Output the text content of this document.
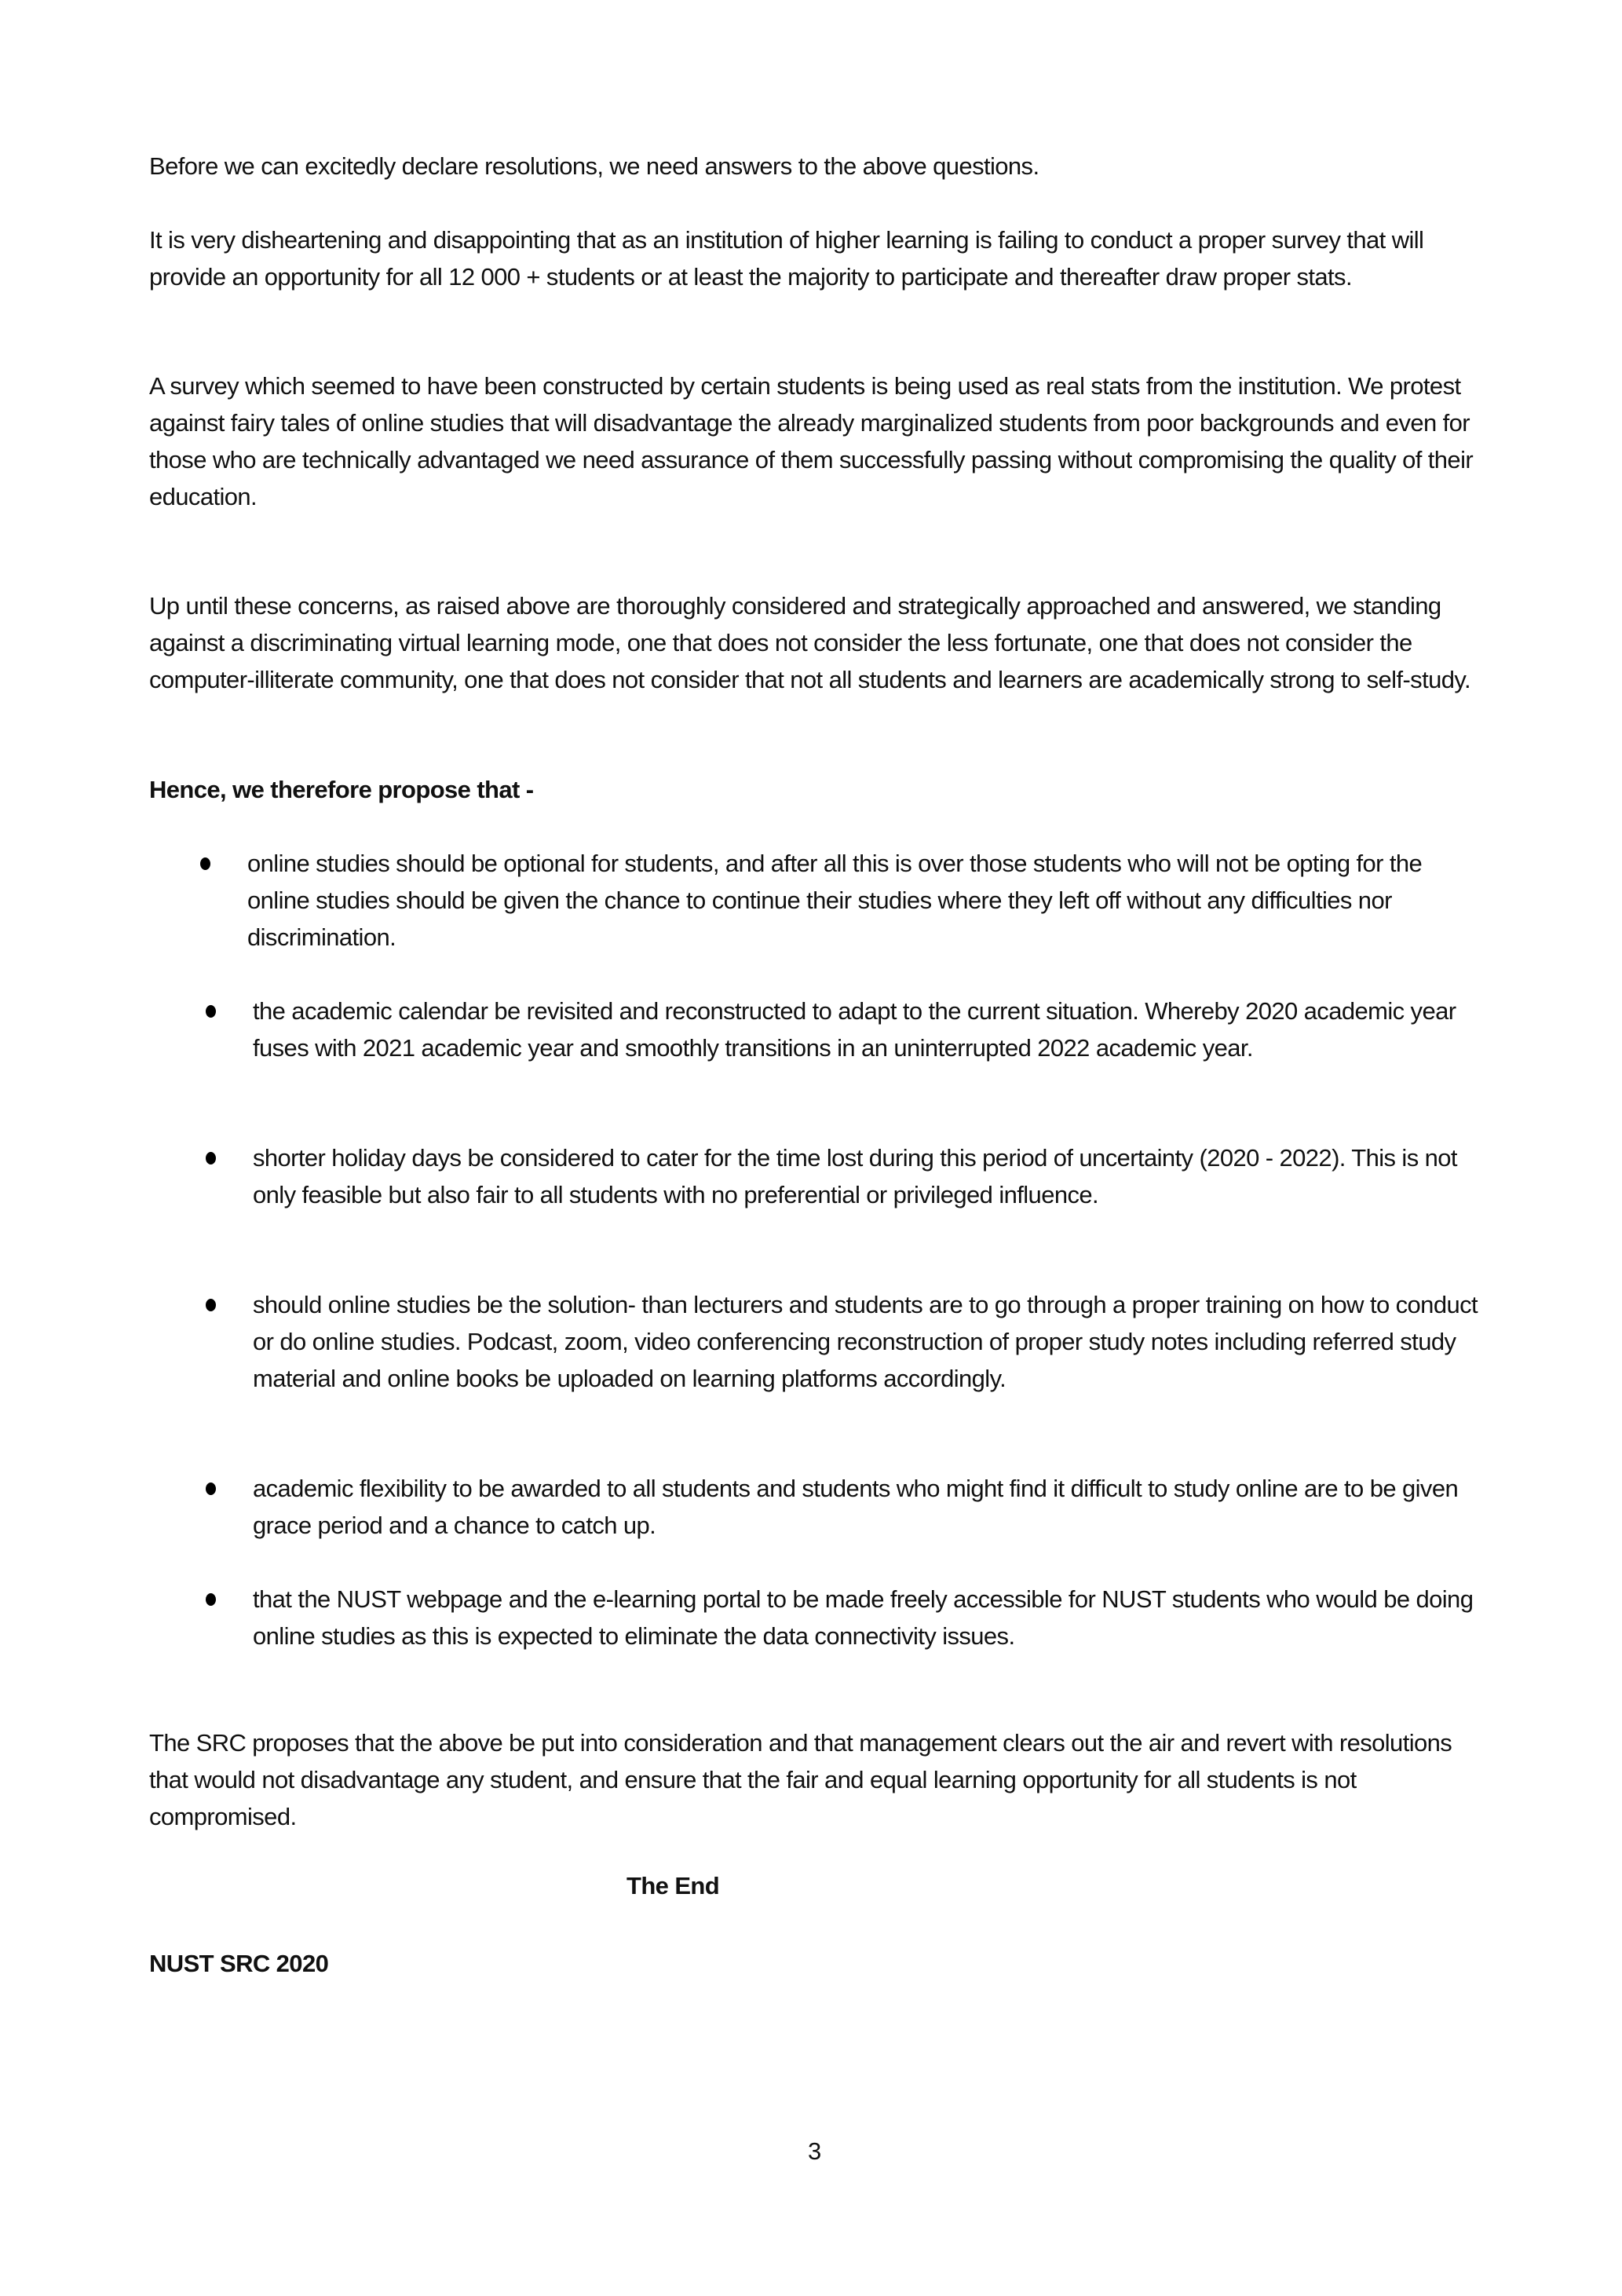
Before we can excitedly declare resolutions, we need answers to the above questions.
It is very disheartening and disappointing that as an institution of higher learning is failing to conduct a proper survey that will provide an opportunity for all 12 000 + students or at least the majority to participate and thereafter draw proper stats.
A survey which seemed to have been constructed by certain students is being used as real stats from the institution. We protest against fairy tales of online studies that will disadvantage the already marginalized students from poor backgrounds and even for those who are technically advantaged we need assurance of them successfully passing without compromising the quality of their education.
Up until these concerns, as raised above are thoroughly considered and strategically approached and answered, we standing against a discriminating virtual learning mode, one that does not consider the less fortunate, one that does not consider the computer-illiterate community, one that does not consider that not all students and learners are academically strong to self-study.
Hence, we therefore propose that -
online studies should be optional for students, and after all this is over those students who will not be opting for the online studies should be given the chance to continue their studies where they left off without any difficulties nor discrimination.
the academic calendar be revisited and reconstructed to adapt to the current situation. Whereby 2020 academic year fuses with 2021 academic year and smoothly transitions in an uninterrupted 2022 academic year.
shorter holiday days be considered to cater for the time lost during this period of uncertainty (2020 - 2022). This is not only feasible but also fair to all students with no preferential or privileged influence.
should online studies be the solution- than lecturers and students are to go through a proper training on how to conduct or do online studies. Podcast, zoom, video conferencing reconstruction of proper study notes including referred study material and online books be uploaded on learning platforms accordingly.
academic flexibility to be awarded to all students and students who might find it difficult to study online are to be given grace period and a chance to catch up.
that the NUST webpage and the e-learning portal to be made freely accessible for NUST students who would be doing online studies as this is expected to eliminate the data connectivity issues.
The SRC proposes that the above be put into consideration and that management clears out the air and revert with resolutions that would not disadvantage any student, and ensure that the fair and equal learning opportunity for all students is not compromised.
The End
NUST SRC 2020
3
